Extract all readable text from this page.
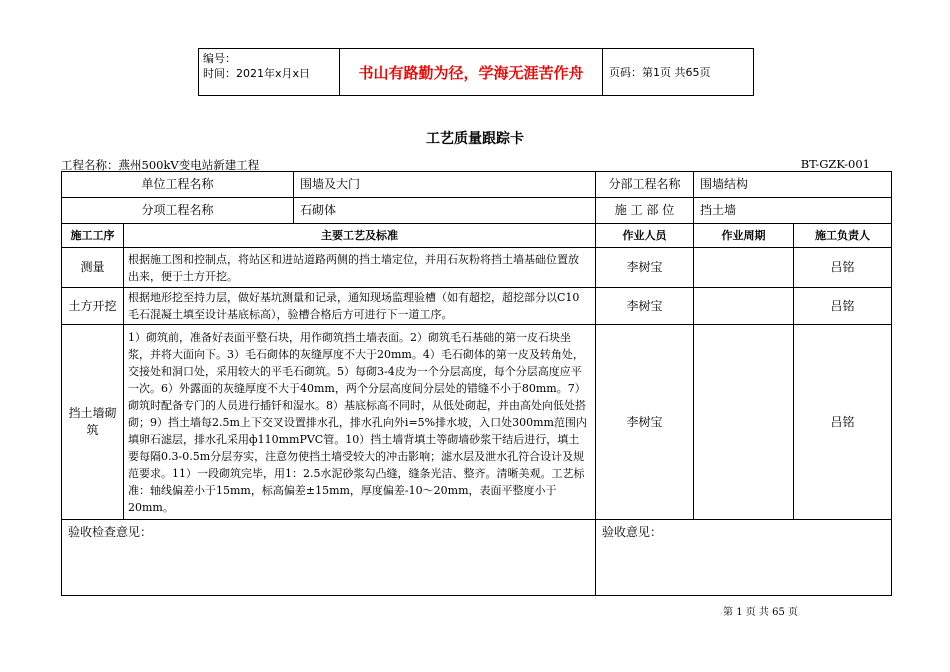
编号：
时间：2021年x月x日	书山有路勤为径，学海无涯苦作舟	页码：第1页 共65页
工艺质量跟踪卡
工程名称：燕州500kV变电站新建工程	BT-GZK-001
单位工程名称		围墙及大门	分部工程名称	围墙结构	
分项工程名称		石砌体	施 工 部 位	挡土墙	
施工工序	主要工艺及标准		作业人员	作业周期	施工负责人
测量	根据施工图和控制点，将站区和进站道路两侧的挡土墙定位，并用石灰粉将挡土墙基础位置放出来，便于土方开挖。		李树宝		吕铭
土方开挖	根据地形挖至持力层，做好基坑测量和记录，通知现场监理验槽（如有超挖，超挖部分以C10毛石混凝土填至设计基底标高），验槽合格后方可进行下一道工序。		李树宝		吕铭
挡土墙砌筑	1）砌筑前，准备好表面平整石块，用作砌筑挡土墙表面。2）砌筑毛石基础的第一皮石块坐浆，并将大面向下。3）毛石砌体的灰缝厚度不大于20mm。4）毛石砌体的第一皮及转角处，交接处和洞口处，采用较大的平毛石砌筑。5）每砌3-4皮为一个分层高度，每个分层高度应平一次。6）外露面的灰缝厚度不大于40mm，两个分层高度间分层处的错缝不小于80mm。7）砌筑时配备专门的人员进行插钎和湿水。8）基底标高不同时，从低处砌起，并由高处向低处搭砌；9）挡土墙每2.5m上下交叉设置排水孔，排水孔向外i=5%排水坡，入口处300mm范围内填卵石滤层，排水孔采用ф110mmPVC管。10）挡土墙背填土等砌墙砂浆干结后进行，填土要每隔0.3-0.5m分层夯实，注意勿使挡土墙受较大的冲击影响；滤水层及泄水孔符合设计及规范要求。11）一段砌筑完毕，用1：2.5水泥砂浆勾凸缝，缝条光洁、整齐。清晰美观。工艺标准：轴线偏差小于15mm，标高偏差±15mm，厚度偏差-10～20mm，表面平整度小于20mm。		李树宝		吕铭
验收检查意见：			验收意见：		
第 1 页 共 65 页
